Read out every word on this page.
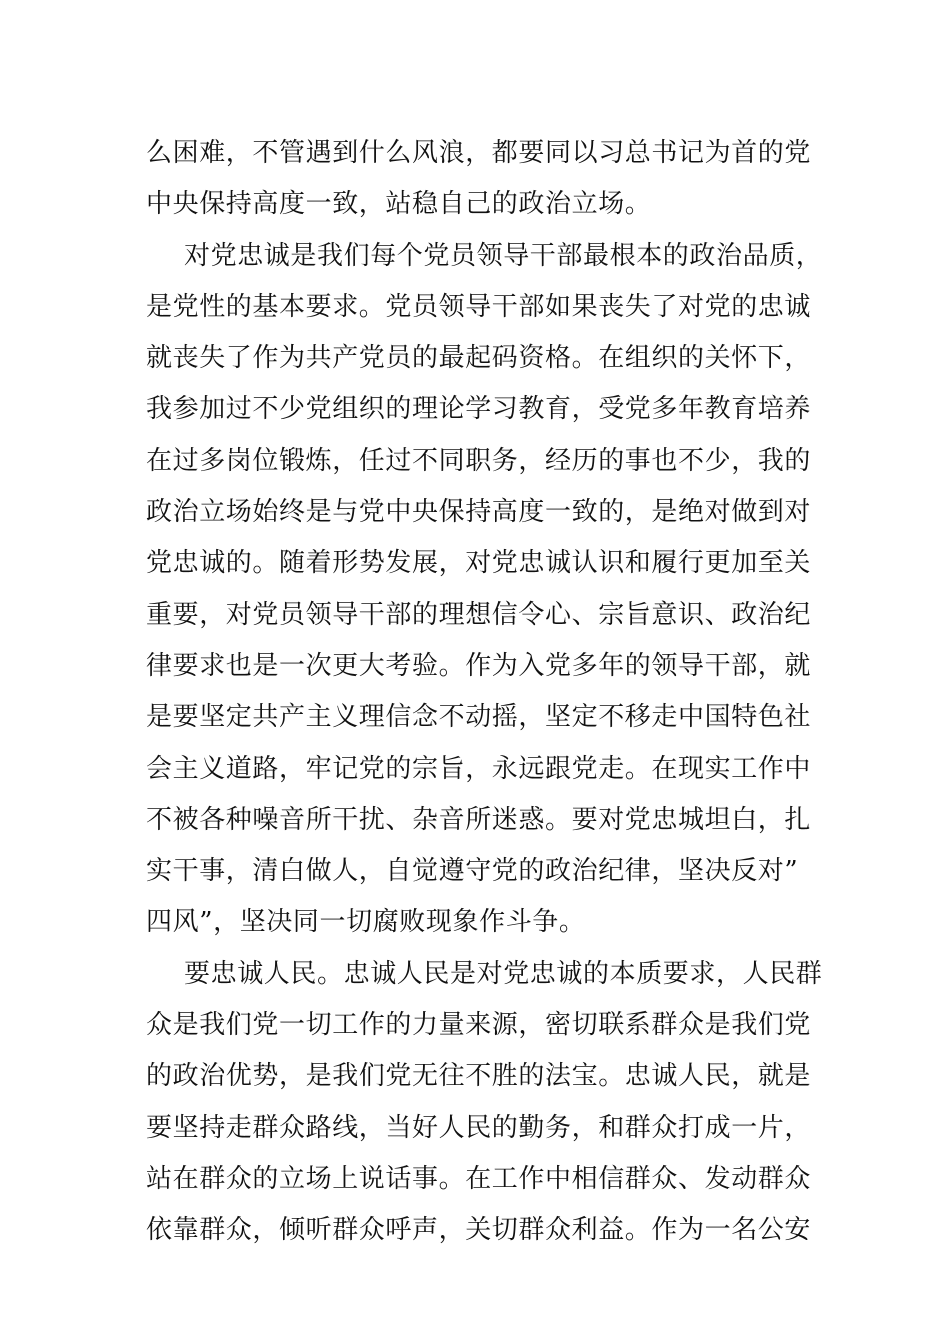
么困难，不管遇到什么风浪，都要同以习总书记为首的党
中央保持高度一致，站稳自己的政治立场。
对党忠诚是我们每个党员领导干部最根本的政治品质，
是党性的基本要求。党员领导干部如果丧失了对党的忠诚
就丧失了作为共产党员的最起码资格。在组织的关怀下，
我参加过不少党组织的理论学习教育，受党多年教育培养
在过多岗位锻炼，任过不同职务，经历的事也不少，我的
政治立场始终是与党中央保持高度一致的，是绝对做到对
党忠诚的。随着形势发展，对党忠诚认识和履行更加至关
重要，对党员领导干部的理想信令心、宗旨意识、政治纪
律要求也是一次更大考验。作为入党多年的领导干部，就
是要坚定共产主义理信念不动摇，坚定不移走中国特色社
会主义道路，牢记党的宗旨，永远跟党走。在现实工作中
不被各种噪音所干扰、杂音所迷惑。要对党忠城坦白，扎
实干事，清白做人，自觉遵守党的政治纪律，坚决反对”
四风”，坚决同一切腐败现象作斗争。
要忠诚人民。忠诚人民是对党忠诚的本质要求，人民群
众是我们党一切工作的力量来源，密切联系群众是我们党
的政治优势，是我们党无往不胜的法宝。忠诚人民，就是
要坚持走群众路线，当好人民的勤务，和群众打成一片，
站在群众的立场上说话事。在工作中相信群众、发动群众
依靠群众，倾听群众呼声，关切群众利益。作为一名公安
